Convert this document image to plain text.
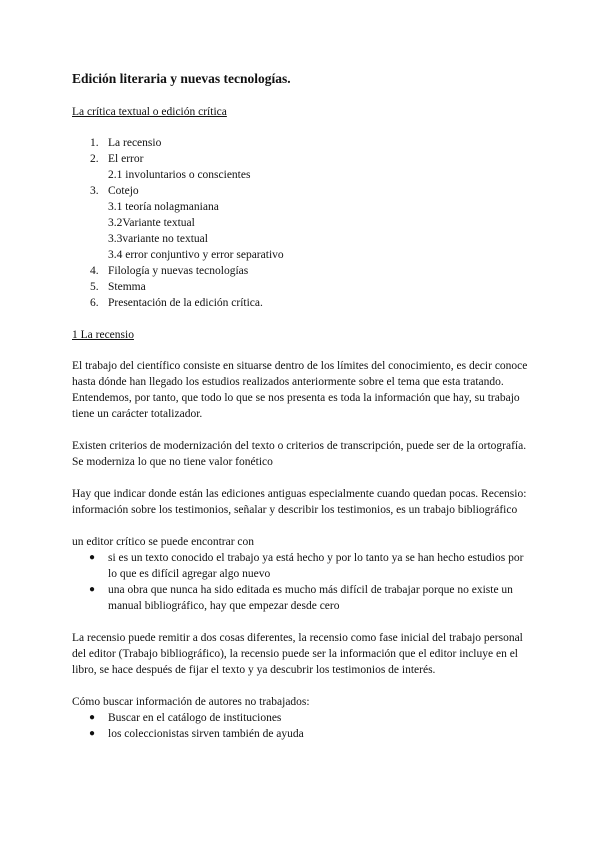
Edición literaria y nuevas tecnologías.
La crítica textual o edición crítica
1. La recensio
2. El error
2.1 involuntarios o conscientes
3. Cotejo
3.1 teoría nolagmaniana
3.2Variante textual
3.3variante no textual
3.4 error conjuntivo y error separativo
4. Filología y nuevas tecnologías
5. Stemma
6. Presentación de la edición crítica.
1 La recensio

El trabajo del científico consiste en situarse dentro de los límites del conocimiento, es decir conoce hasta dónde han llegado los estudios realizados anteriormente sobre el tema que esta tratando. Entendemos, por tanto, que todo lo que se nos presenta es toda la información que hay, su trabajo tiene un carácter totalizador.

Existen criterios de modernización del texto o criterios de transcripción, puede ser de la ortografía. Se moderniza lo que no tiene valor fonético

Hay que indicar donde están las ediciones antiguas especialmente cuando quedan pocas. Recensio: información sobre los testimonios, señalar y describir los testimonios, es un trabajo bibliográfico

un editor crítico se puede encontrar con

● si es un texto conocido el trabajo ya está hecho y por lo tanto ya se han hecho estudios por lo que es difícil agregar algo nuevo
● una obra que nunca ha sido editada es mucho más difícil de trabajar porque no existe un manual bibliográfico, hay que empezar desde cero

La recensio puede remitir a dos cosas diferentes, la recensio como fase inicial del trabajo personal del editor (Trabajo bibliográfico), la recensio puede ser la información que el editor incluye en el libro, se hace después de fijar el texto y ya descubrir los testimonios de interés.

Cómo buscar información de autores no trabajados:

● Buscar en el catálogo de instituciones
● los coleccionistas sirven también de ayuda
